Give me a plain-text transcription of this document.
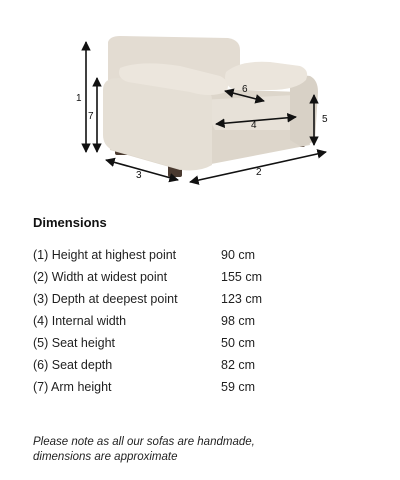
1
7	5
6
4
3	2
Dimensions
(1) Height at highest point	90 cm
(2) Width at widest point	155 cm
(3) Depth at deepest point	123 cm
(4) Internal width	98 cm
(5) Seat height	50 cm
(6) Seat depth	82 cm
(7) Arm height	59 cm
Please note as all our sofas are handmade,
dimensions are approximate
